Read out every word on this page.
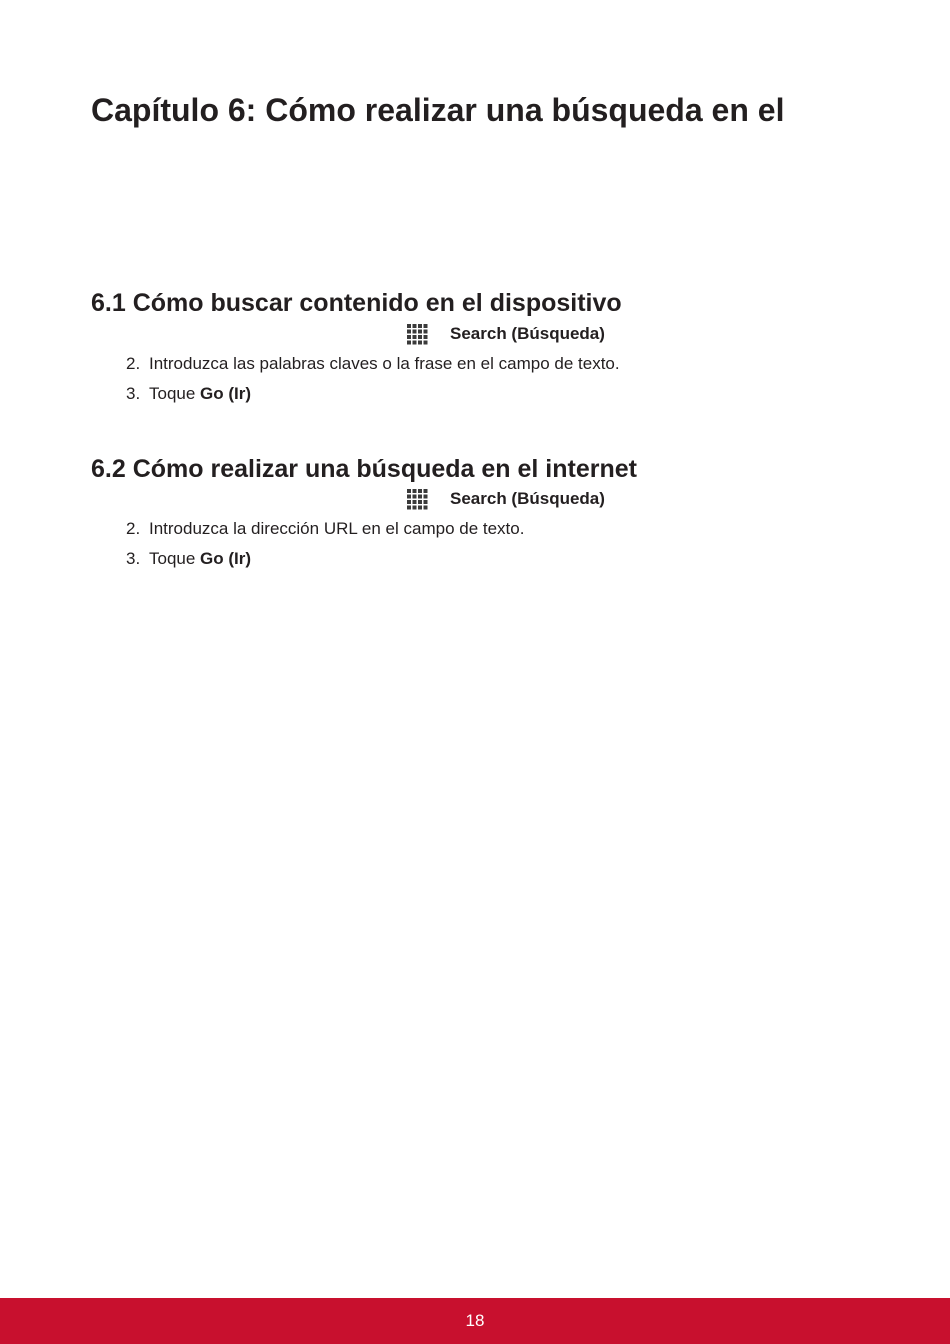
Capítulo 6: Cómo realizar una búsqueda en el
6.1 Cómo buscar contenido en el dispositivo
Search (Búsqueda)
2. Introduzca las palabras claves o la frase en el campo de texto.
3. Toque Go (Ir)
6.2 Cómo realizar una búsqueda en el internet
Search (Búsqueda)
2. Introduzca la dirección URL en el campo de texto.
3. Toque Go (Ir)
18
